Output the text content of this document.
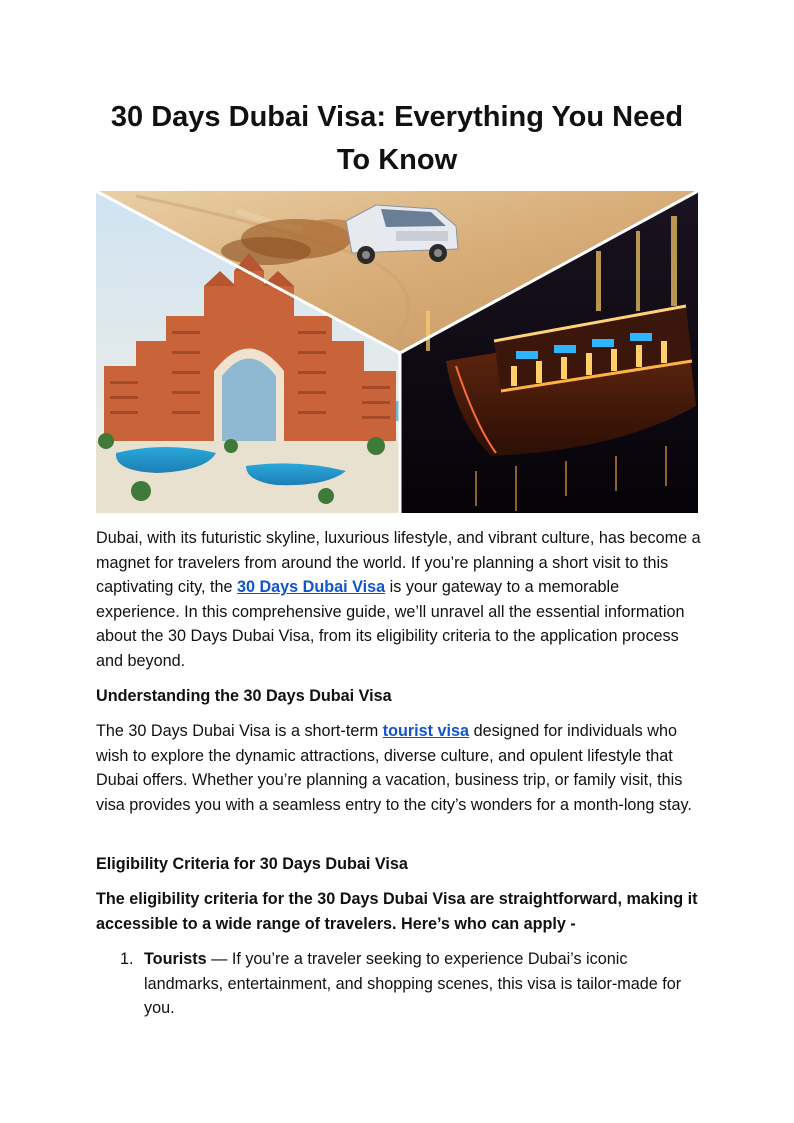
30 Days Dubai Visa: Everything You Need To Know

Dubai, with its futuristic skyline, luxurious lifestyle, and vibrant culture, has become a magnet for travelers from around the world. If you’re planning a short visit to this captivating city, the 30 Days Dubai Visa is your gateway to a memorable experience. In this comprehensive guide, we’ll unravel all the essential information about the 30 Days Dubai Visa, from its eligibility criteria to the application process and beyond.

Understanding the 30 Days Dubai Visa

The 30 Days Dubai Visa is a short-term tourist visa designed for individuals who wish to explore the dynamic attractions, diverse culture, and opulent lifestyle that Dubai offers. Whether you’re planning a vacation, business trip, or family visit, this visa provides you with a seamless entry to the city’s wonders for a month-long stay.

Eligibility Criteria for 30 Days Dubai Visa

The eligibility criteria for the 30 Days Dubai Visa are straightforward, making it accessible to a wide range of travelers. Here’s who can apply -

1. Tourists — If you’re a traveler seeking to experience Dubai’s iconic landmarks, entertainment, and shopping scenes, this visa is tailor-made for you.
